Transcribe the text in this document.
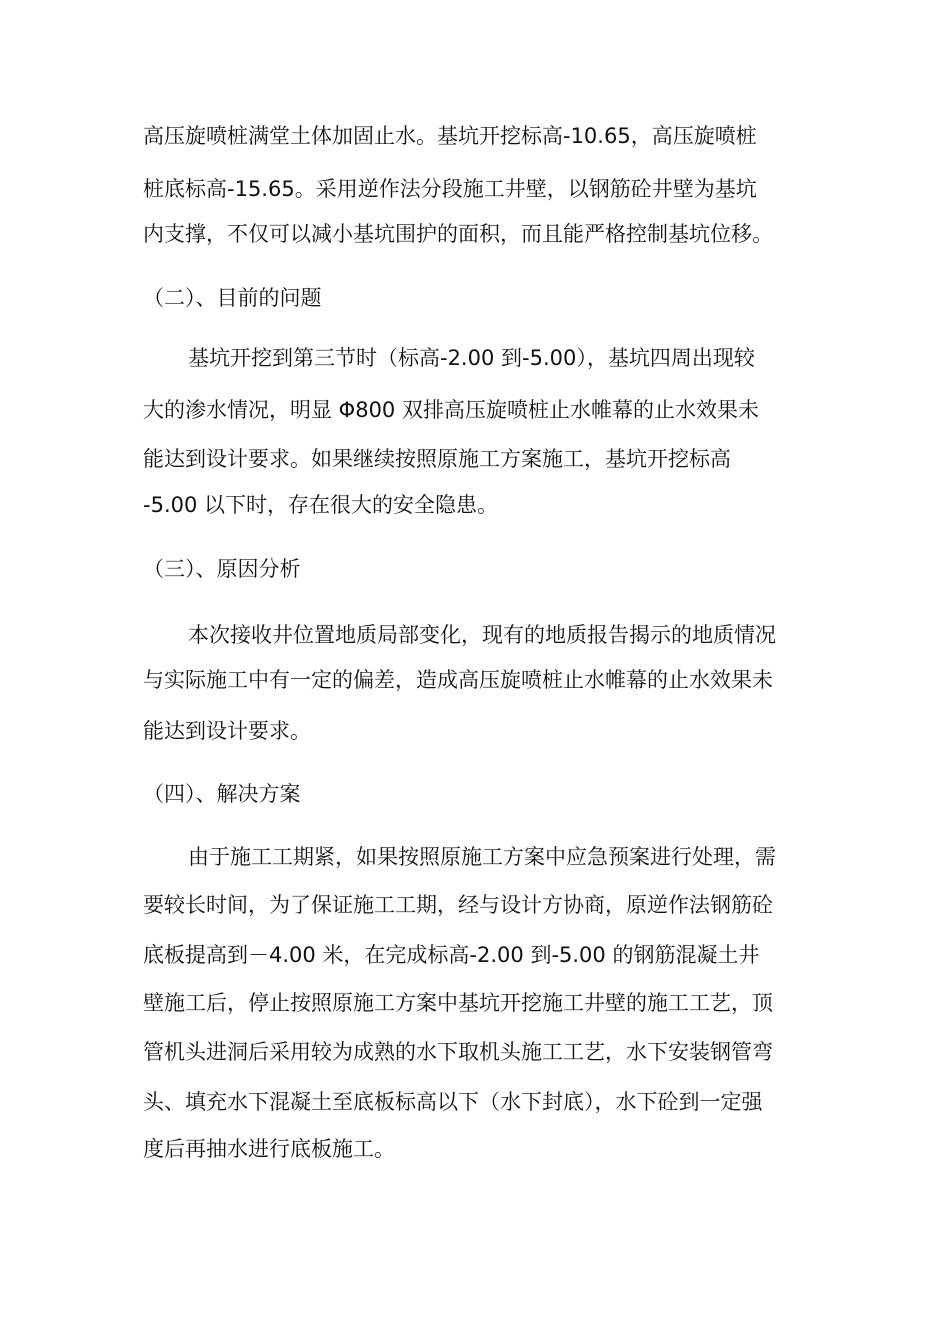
高压旋喷桩满堂土体加固止水。基坑开挖标高-10.65，高压旋喷桩
桩底标高-15.65。采用逆作法分段施工井壁，以钢筋砼井壁为基坑
内支撑，不仅可以减小基坑围护的面积，而且能严格控制基坑位移。
（二）、目前的问题
基坑开挖到第三节时（标高-2.00 到-5.00），基坑四周出现较
大的渗水情况，明显 Φ800 双排高压旋喷桩止水帷幕的止水效果未
能达到设计要求。如果继续按照原施工方案施工，基坑开挖标高
-5.00 以下时，存在很大的安全隐患。
（三）、原因分析
本次接收井位置地质局部变化，现有的地质报告揭示的地质情况
与实际施工中有一定的偏差，造成高压旋喷桩止水帷幕的止水效果未
能达到设计要求。
（四）、解决方案
由于施工工期紧，如果按照原施工方案中应急预案进行处理，需
要较长时间，为了保证施工工期，经与设计方协商，原逆作法钢筋砼
底板提高到－4.00 米，在完成标高-2.00 到-5.00 的钢筋混凝土井
壁施工后，停止按照原施工方案中基坑开挖施工井壁的施工工艺，顶
管机头进洞后采用较为成熟的水下取机头施工工艺，水下安装钢管弯
头、填充水下混凝土至底板标高以下（水下封底），水下砼到一定强
度后再抽水进行底板施工。
